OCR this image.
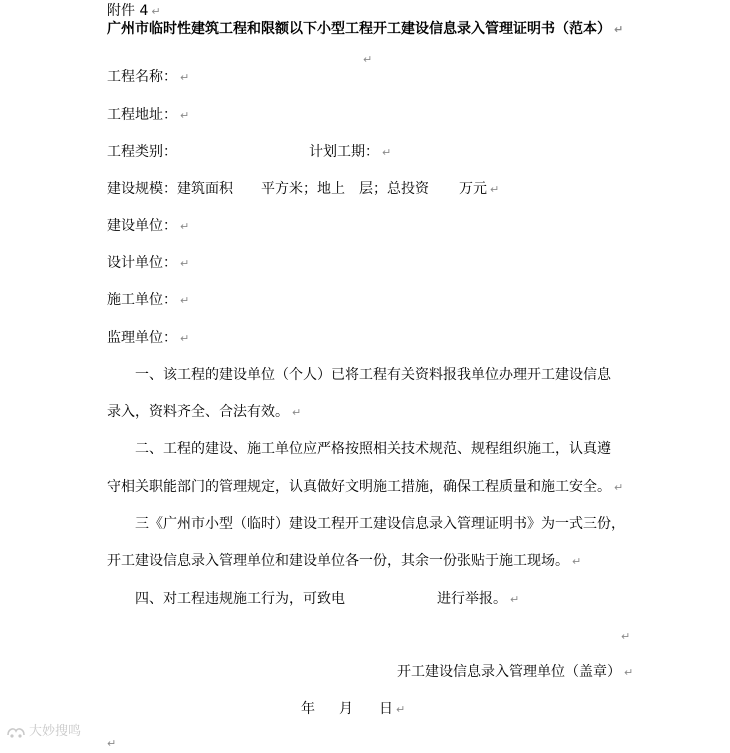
附件 4 ↵
广州市临时性建筑工程和限额以下小型工程开工建设信息录入管理证明书（范本） ↵
↵
工程名称： ↵
工程地址： ↵
工程类别：	计划工期： ↵
建设规模：建筑面积 平方米；地上 层；总投资 万元 ↵
建设单位： ↵
设计单位： ↵
施工单位： ↵
监理单位： ↵
一、该工程的建设单位（个人）已将工程有关资料报我单位办理开工建设信息
录入，资料齐全、合法有效。 ↵
二、工程的建设、施工单位应严格按照相关技术规范、规程组织施工，认真遵
守相关职能部门的管理规定，认真做好文明施工措施，确保工程质量和施工安全。 ↵
三《广州市小型（临时）建设工程开工建设信息录入管理证明书》为一式三份，
开工建设信息录入管理单位和建设单位各一份，其余一份张贴于施工现场。 ↵
四、对工程违规施工行为，可致电	进行举报。 ↵
↵
开工建设信息录入管理单位（盖章） ↵
年 月 日 ↵
↵
大妙搜鸣
